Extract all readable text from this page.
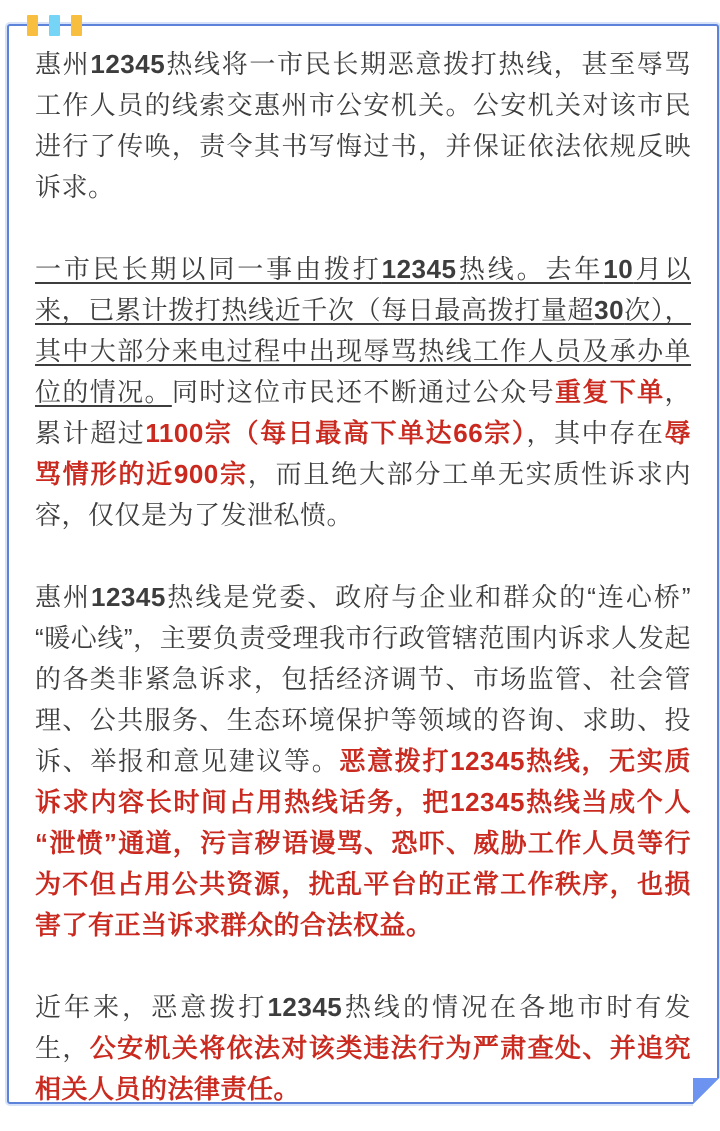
惠州12345热线将一市民长期恶意拨打热线，甚至辱骂工作人员的线索交惠州市公安机关。公安机关对该市民进行了传唤，责令其书写悔过书，并保证依法依规反映诉求。

一市民长期以同一事由拨打12345热线。去年10月以来，已累计拨打热线近千次（每日最高拨打量超30次），其中大部分来电过程中出现辱骂热线工作人员及承办单位的情况。同时这位市民还不断通过公众号重复下单，累计超过1100宗（每日最高下单达66宗），其中存在辱骂情形的近900宗，而且绝大部分工单无实质性诉求内容，仅仅是为了发泄私愤。

惠州12345热线是党委、政府与企业和群众的“连心桥”“暖心线”，主要负责受理我市行政管辖范围内诉求人发起的各类非紧急诉求，包括经济调节、市场监管、社会管理、公共服务、生态环境保护等领域的咨询、求助、投诉、举报和意见建议等。恶意拨打12345热线，无实质诉求内容长时间占用热线话务，把12345热线当成个人“泄愤”通道，污言秽语谩骂、恐吓、威胁工作人员等行为不但占用公共资源，扰乱平台的正常工作秩序，也损害了有正当诉求群众的合法权益。

近年来，恶意拨打12345热线的情况在各地市时有发生，公安机关将依法对该类违法行为严肃查处、并追究相关人员的法律责任。
